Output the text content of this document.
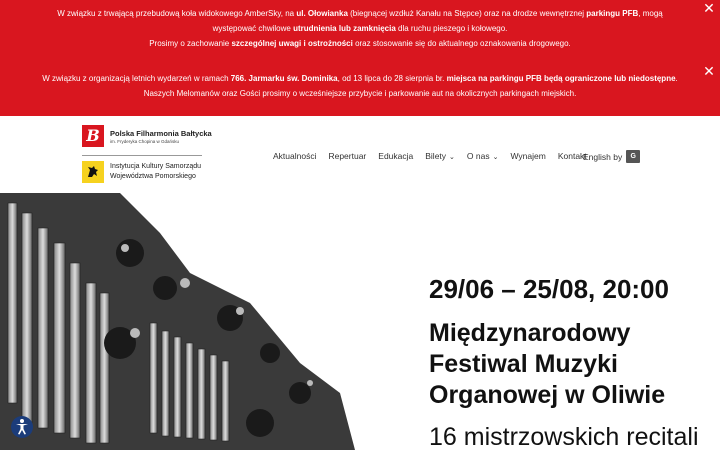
W związku z trwającą przebudową koła widokowego AmberSky, na ul. Ołowianka (biegnącej wzdłuż Kanału na Stępce) oraz na drodze wewnętrznej parkingu PFB, mogą występować chwilowe utrudnienia lub zamknięcia dla ruchu pieszego i kołowego.
Prosimy o zachowanie szczególnej uwagi i ostrożności oraz stosowanie się do aktualnego oznakowania drogowego.

✕

W związku z organizacją letnich wydarzeń w ramach 766. Jarmarku św. Dominika, od 13 lipca do 28 sierpnia br. miejsca na parkingu PFB będą ograniczone lub niedostępne.
Naszych Melomanów oraz Gości prosimy o wcześniejsze przybycie i parkowanie aut na okolicznych parkingach miejskich.

✕
B	Polska Filharmonia Bałtycka
im. Fryderyka Chopina w Gdańsku
Instytucja Kultury Samorządu
Województwa Pomorskiego
Aktualności Repertuar Edukacja Bilety ⌄ O nas ⌄ Wynajem Kontakt
English by	G
29/06 – 25/08, 20:00
Międzynarodowy
Festiwal Muzyki
Organowej w Oliwie
16 mistrzowskich recitali
